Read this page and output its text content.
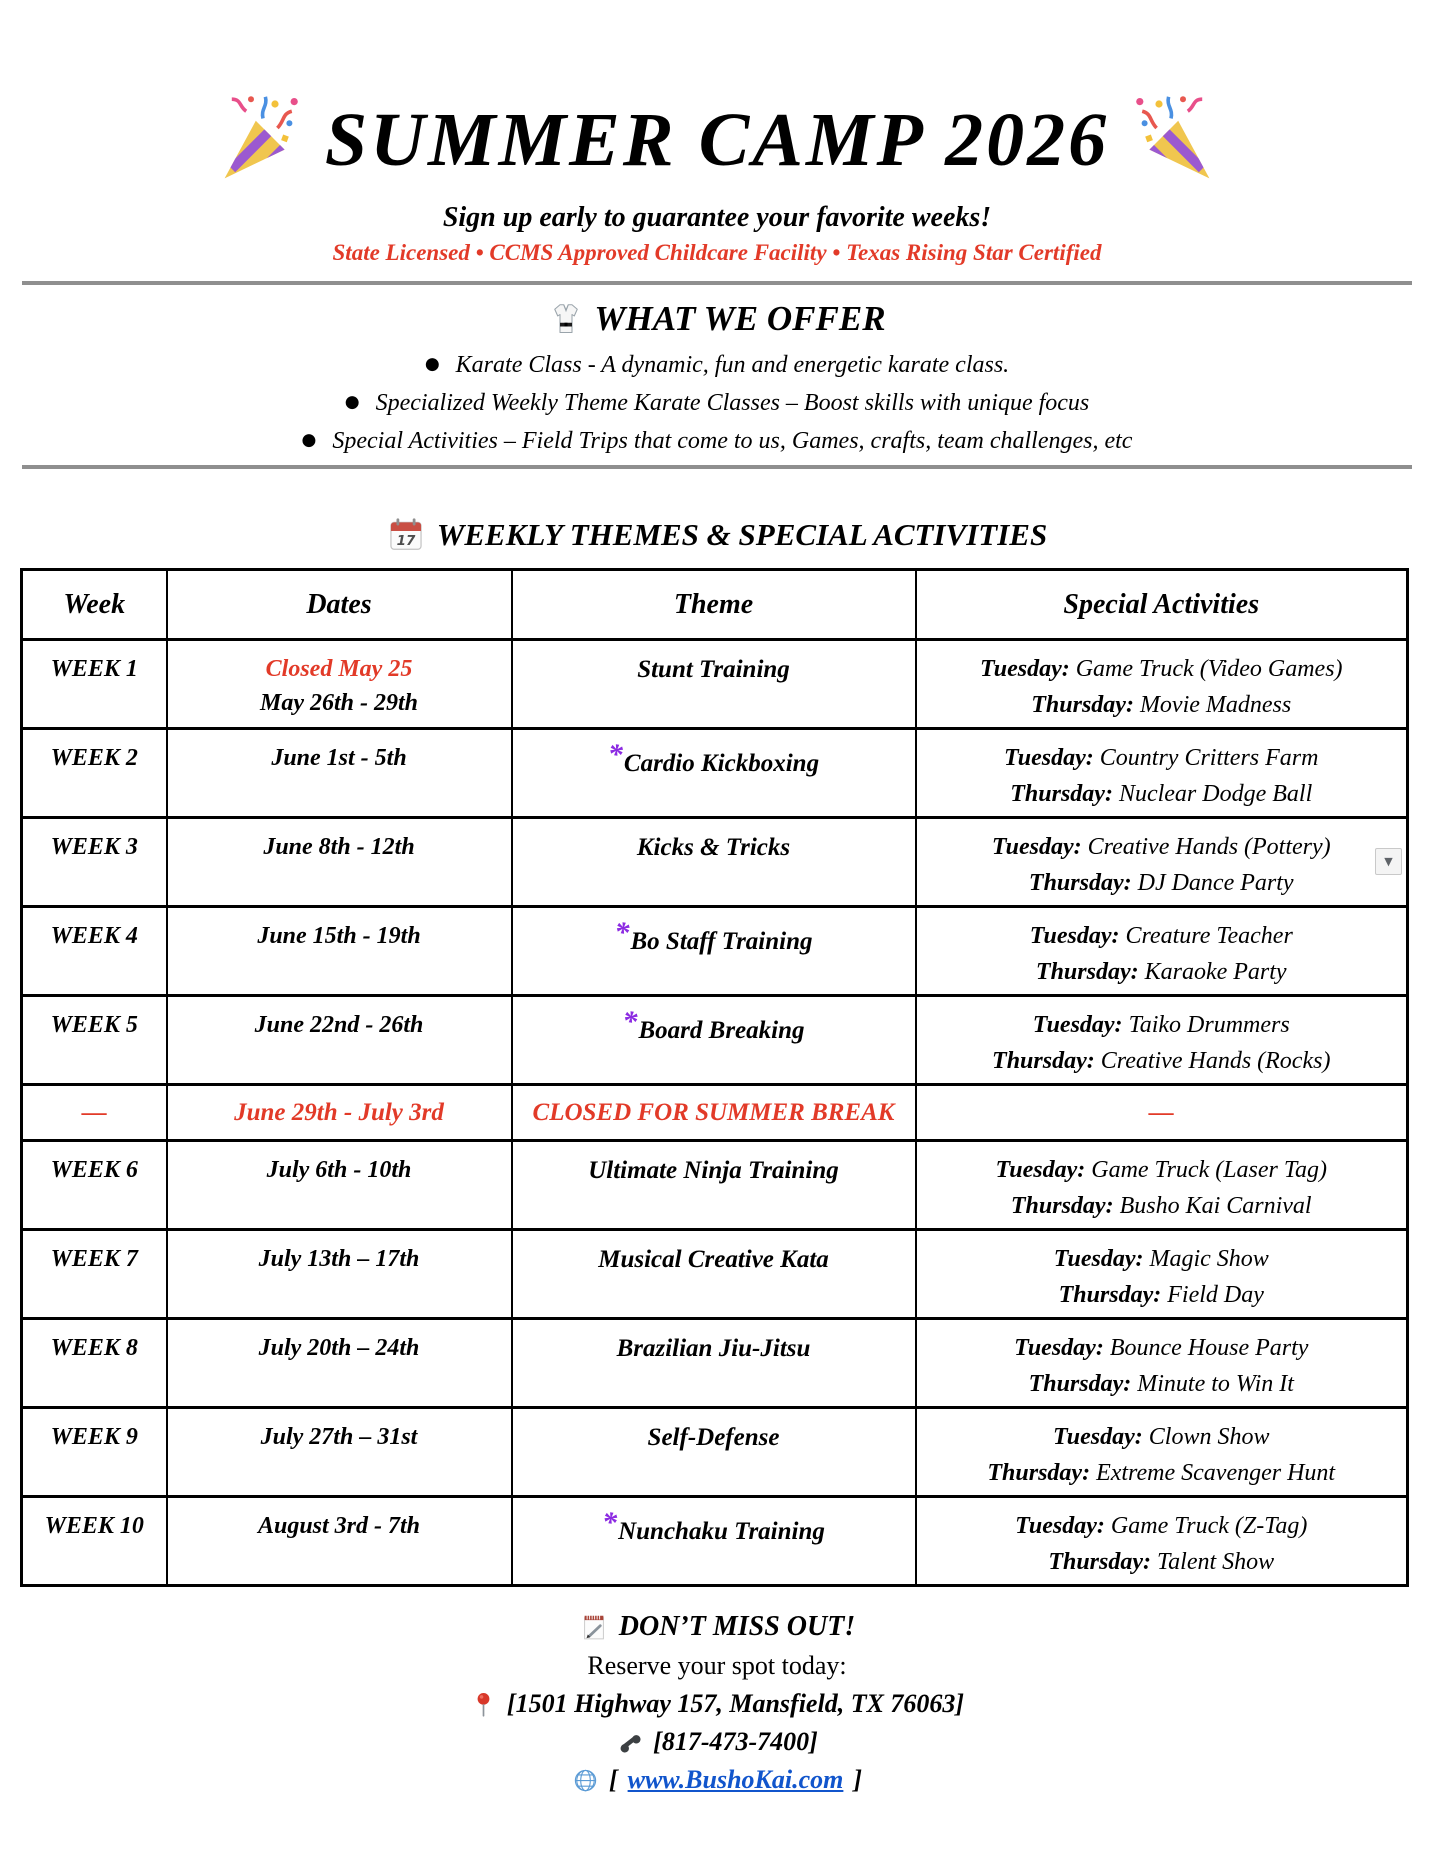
SUMMER CAMP 2026
Sign up early to guarantee your favorite weeks!
State Licensed • CCMS Approved Childcare Facility • Texas Rising Star Certified
WHAT WE OFFER
● Karate Class - A dynamic, fun and energetic karate class.
● Specialized Weekly Theme Karate Classes – Boost skills with unique focus
● Special Activities – Field Trips that come to us, Games, crafts, team challenges, etc
17 WEEKLY THEMES & SPECIAL ACTIVITIES
Week	Dates	Theme	Special Activities
WEEK 1	Closed May 25
May 26th - 29th
	Stunt Training	Tuesday: Game Truck (Video Games)
Thursday: Movie Madness

WEEK 2	June 1st - 5th	*Cardio Kickboxing	Tuesday: Country Critters Farm
Thursday: Nuclear Dodge Ball

WEEK 3	June 8th - 12th	Kicks & Tricks	Tuesday: Creative Hands (Pottery)
Thursday: DJ Dance Party

WEEK 4	June 15th - 19th	*Bo Staff Training	Tuesday: Creature Teacher
Thursday: Karaoke Party

WEEK 5	June 22nd - 26th	*Board Breaking	Tuesday: Taiko Drummers
Thursday: Creative Hands (Rocks)

—	June 29th - July 3rd	CLOSED FOR SUMMER BREAK	—
WEEK 6	July 6th - 10th	Ultimate Ninja Training	Tuesday: Game Truck (Laser Tag)
Thursday: Busho Kai Carnival

WEEK 7	July 13th – 17th	Musical Creative Kata	Tuesday: Magic Show
Thursday: Field Day

WEEK 8	July 20th – 24th	Brazilian Jiu-Jitsu	Tuesday: Bounce House Party
Thursday: Minute to Win It

WEEK 9	July 27th – 31st	Self-Defense	Tuesday: Clown Show
Thursday: Extreme Scavenger Hunt

WEEK 10	August 3rd - 7th	*Nunchaku Training	Tuesday: Game Truck (Z-Tag)
Thursday: Talent Show
▼
DON’T MISS OUT!
Reserve your spot today:
[1501 Highway 157, Mansfield, TX 76063]
[817-473-7400]
[ www.BushoKai.com ]
